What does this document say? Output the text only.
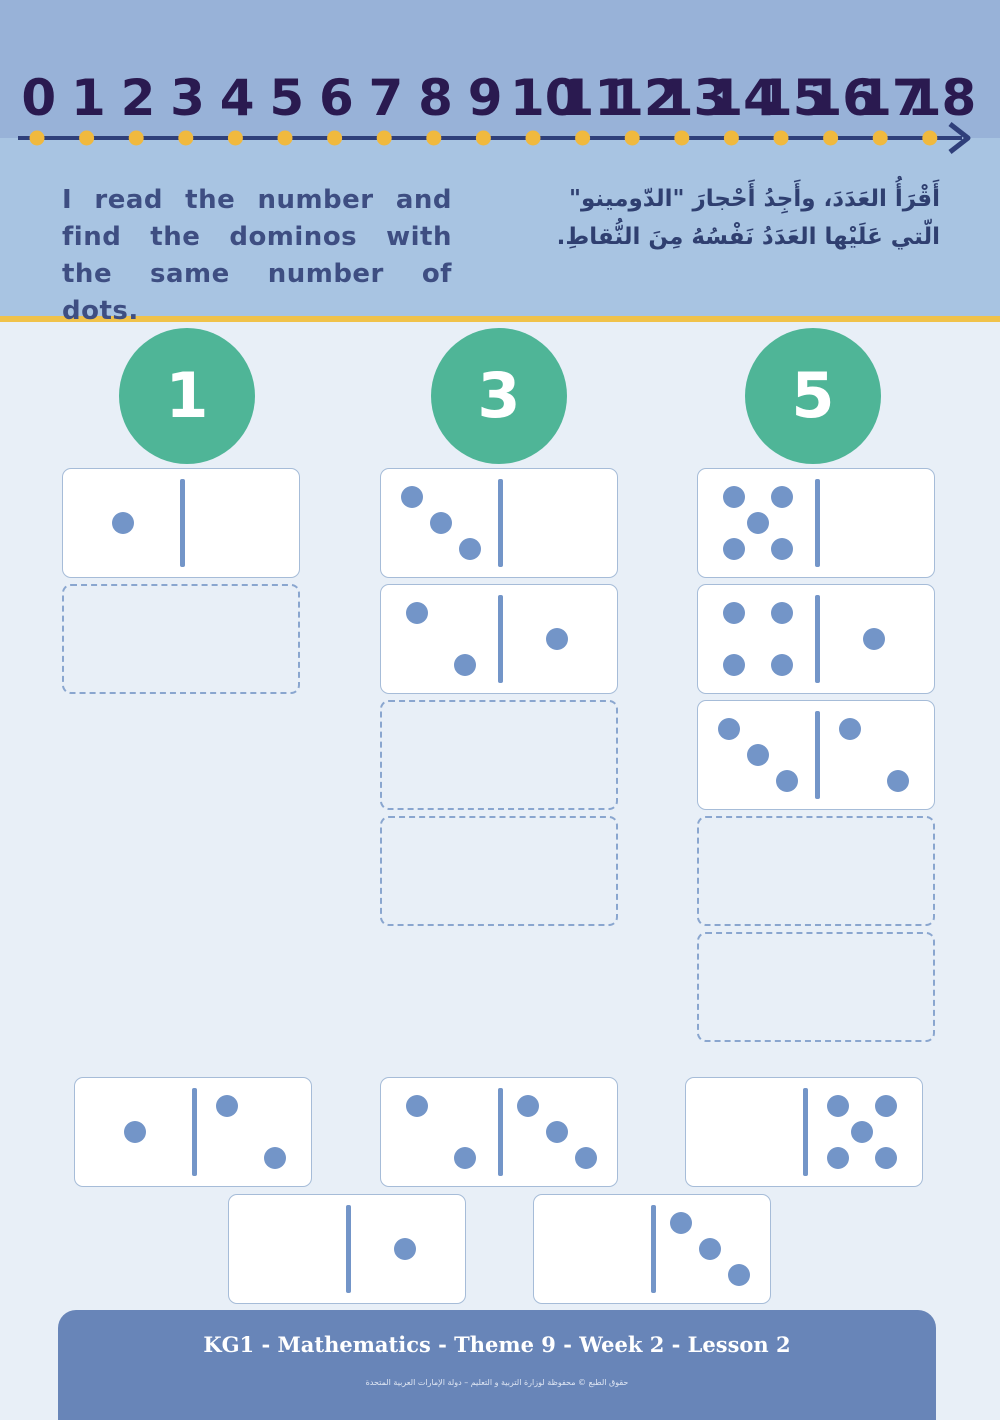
0 1 2 3 4 5 6 7 8 9 10
11
12
13
14
15
16
17
18
I read the number and find the dominos with the same number of dots.
أَقْرَأُ العَدَدَ، وأَجِدُ أَحْجارَ "الدّومينو" الّتي عَلَيْها العَدَدُ نَفْسُهُ مِنَ النُّقاطِ.
1	3	5
KG1 - Mathematics - Theme 9 - Week 2 - Lesson 2
حقوق الطبع © محفوظة لوزارة التربية و التعليم – دولة الإمارات العربية المتحدة
